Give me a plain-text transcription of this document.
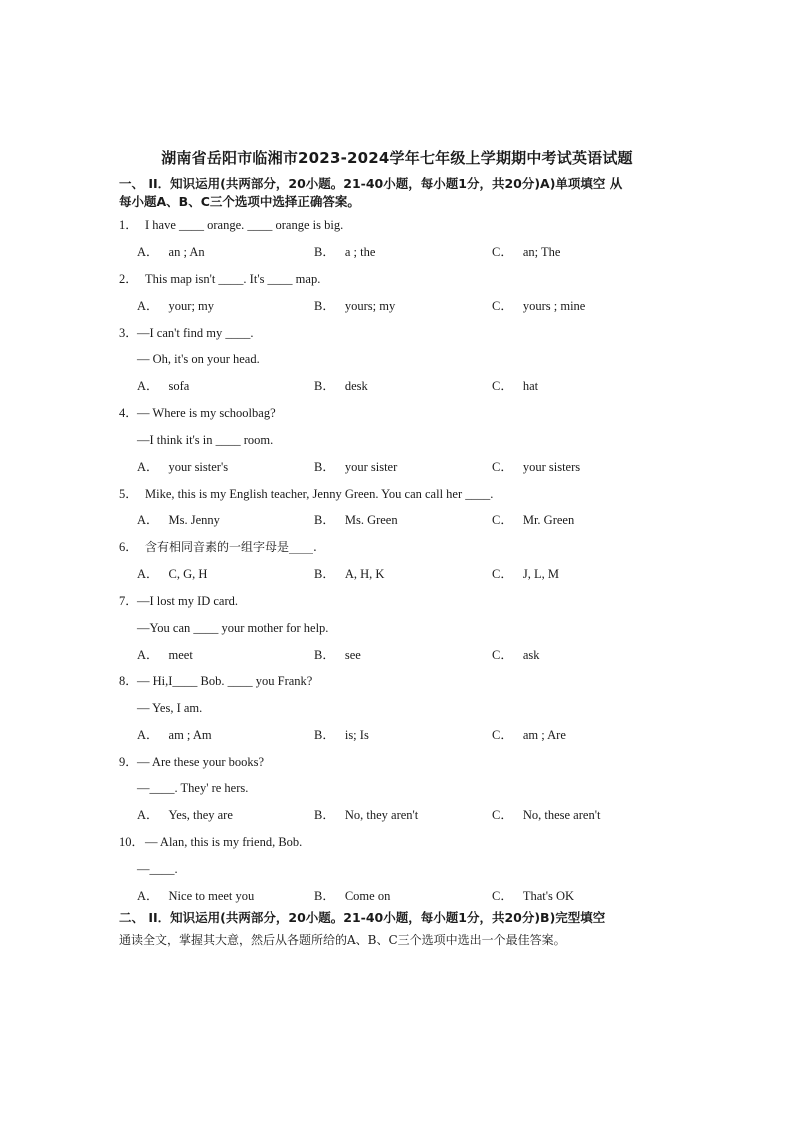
湖南省岳阳市临湘市2023-2024学年七年级上学期期中考试英语试题
一、 II．知识运用(共两部分，20小题。21-40小题，每小题1分，共20分)A)单项填空 从
每小题A、B、C三个选项中选择正确答案。
1． I have ____ orange. ____ orange is big.
A． an ; An	B． a ; the	C． an; The
2． This map isn't ____. It's ____ map.
A． your; my	B． yours; my	C． yours ; mine
3． —I can't find my ____.
— Oh, it's on your head.
A． sofa	B． desk	C． hat
4． — Where is my schoolbag?
—I think it's in ____ room.
A． your sister's	B． your sister	C． your sisters
5． Mike, this is my English teacher, Jenny Green. You can call her ____.
A． Ms. Jenny	B． Ms. Green	C． Mr. Green
6． 含有相同音素的一组字母是____.
A． C, G, H	B． A, H, K	C． J, L, M
7． —I lost my ID card.
—You can ____ your mother for help.
A． meet	B． see	C． ask
8． — Hi,I____ Bob. ____ you Frank?
— Yes, I am.
A． am ; Am	B． is; Is	C． am ; Are
9． — Are these your books?
—____. They' re hers.
A． Yes, they are	B． No, they aren't	C． No, these aren't
10． — Alan, this is my friend, Bob.
—____.
A． Nice to meet you	B． Come on	C． That's OK
二、 II．知识运用(共两部分，20小题。21-40小题，每小题1分，共20分)B)完型填空
通读全文，掌握其大意，然后从各题所给的A、B、C三个选项中选出一个最佳答案。
